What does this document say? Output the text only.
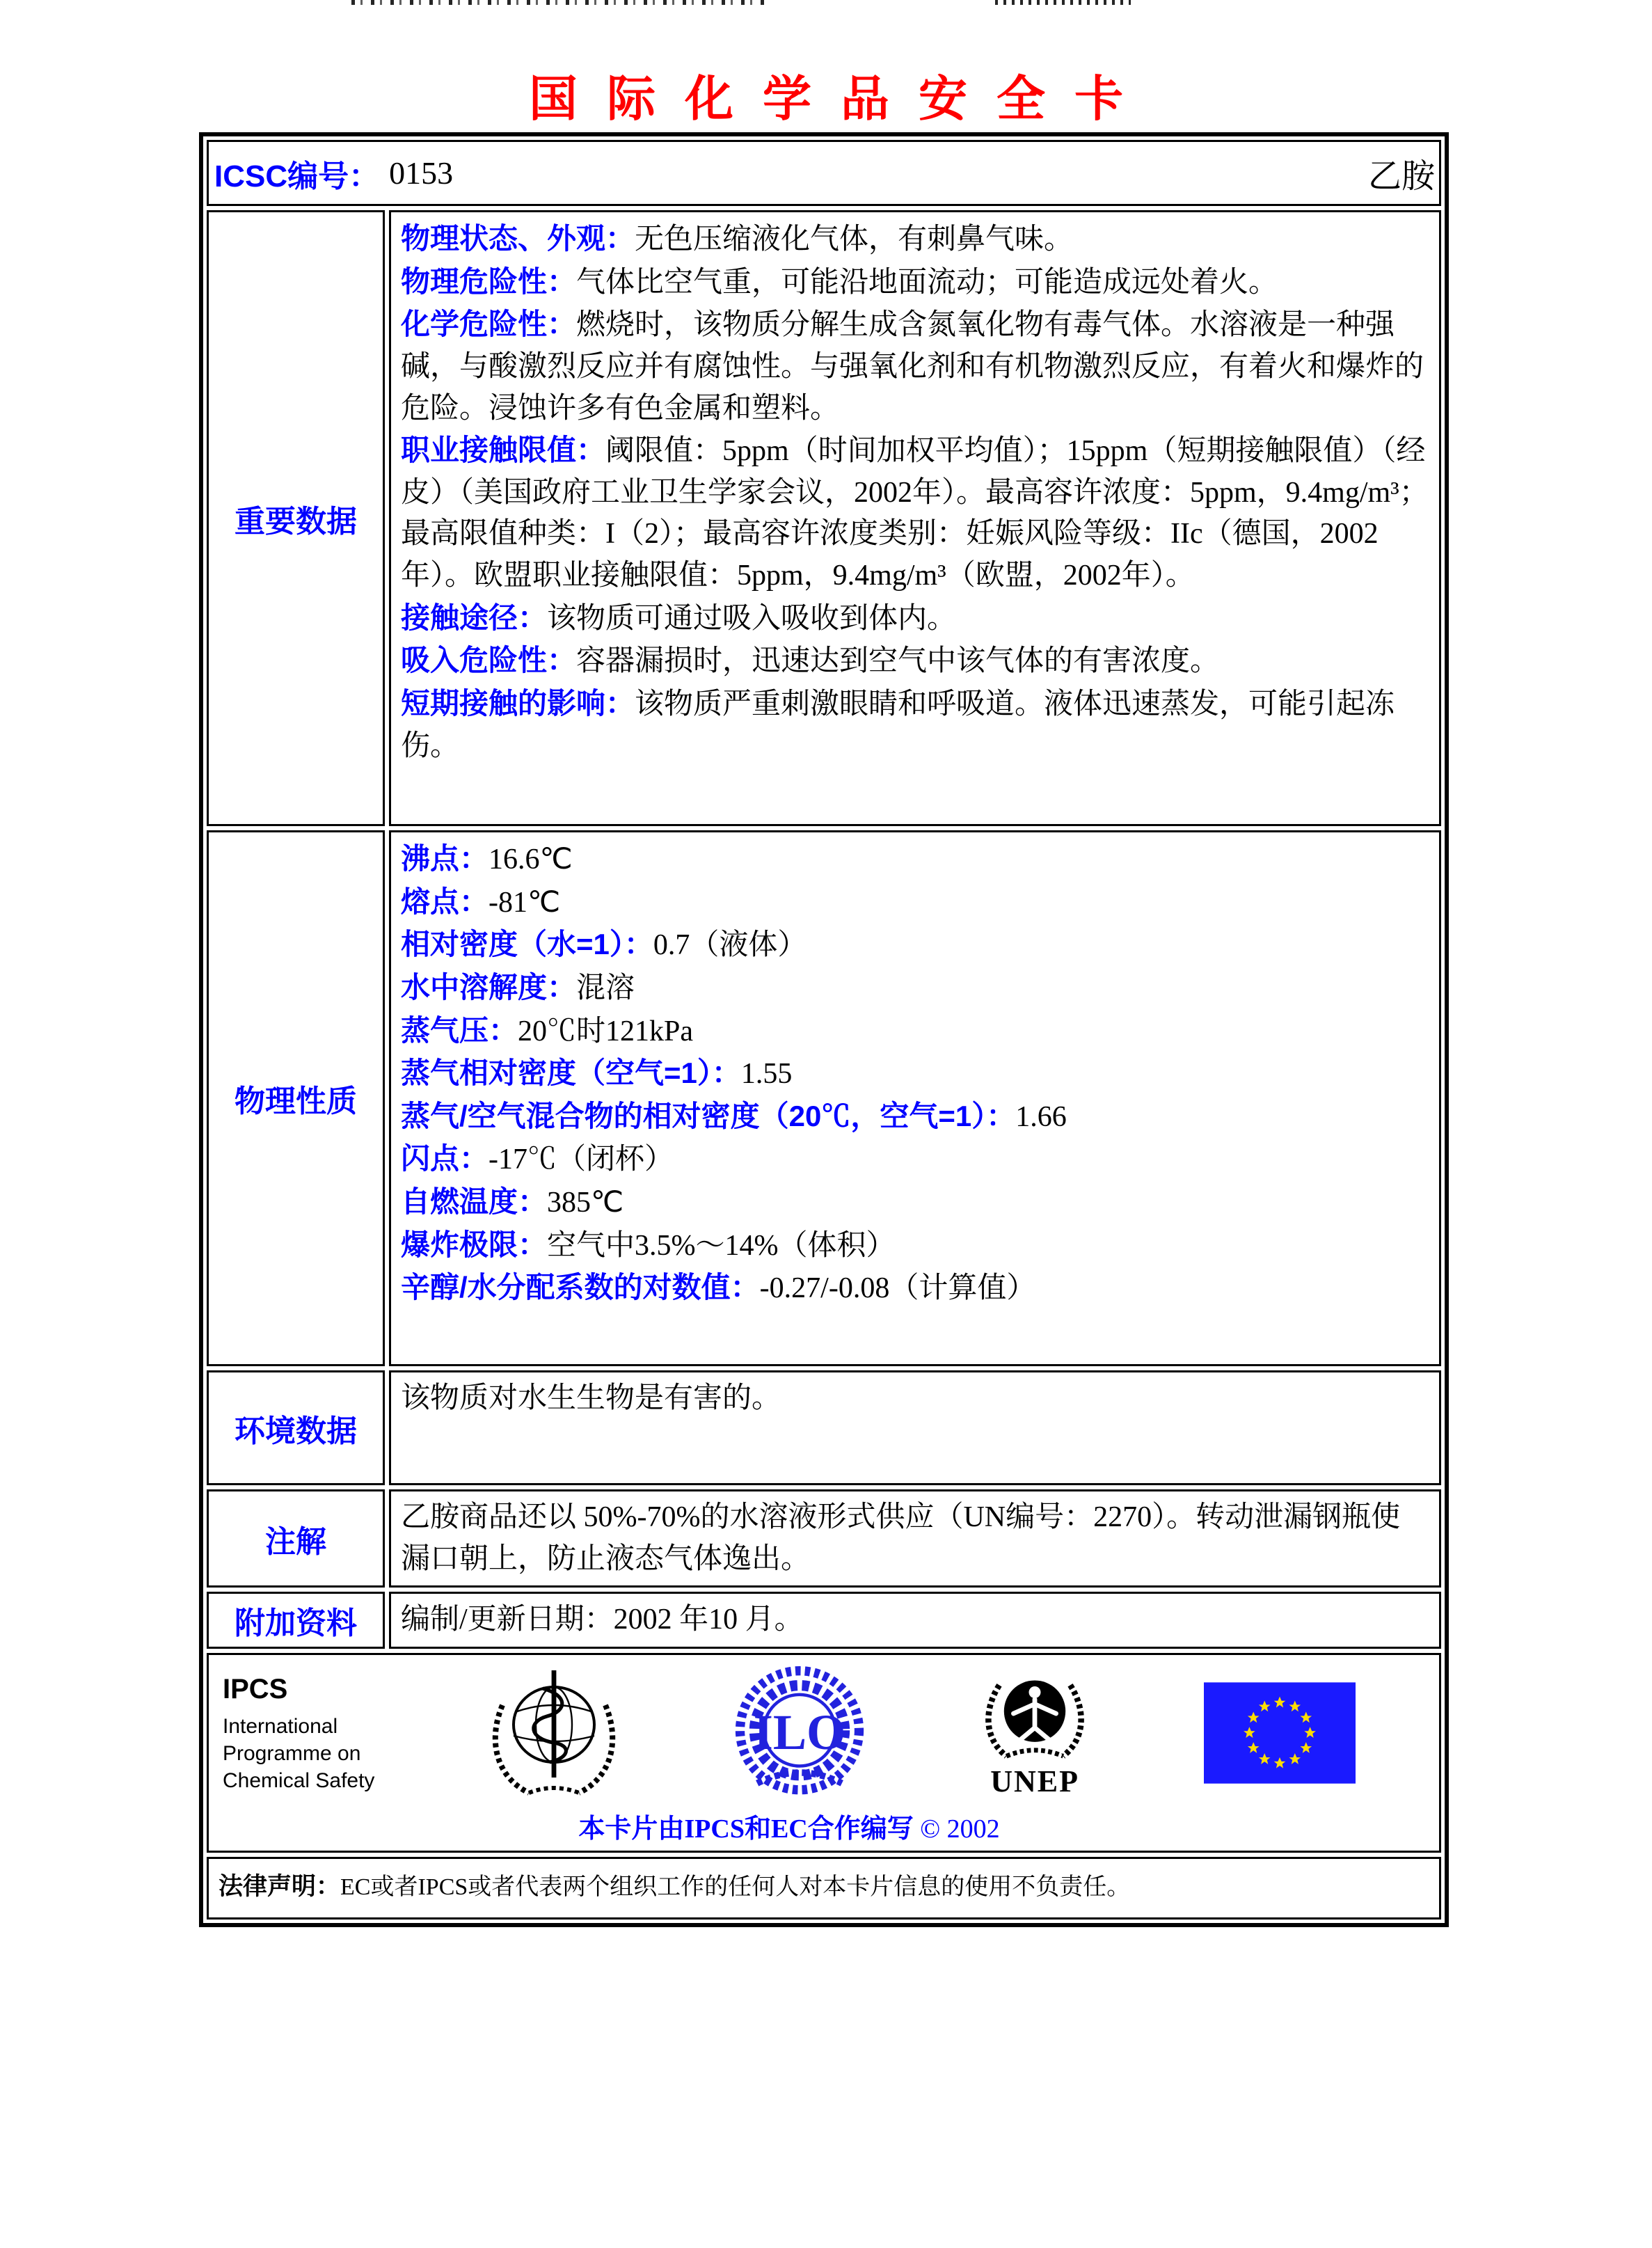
国际化学品安全卡
ICSC编号： 0153	乙胺
重要数据
物理状态、外观：无色压缩液化气体，有刺鼻气味。
物理危险性：气体比空气重，可能沿地面流动；可能造成远处着火。
化学危险性：燃烧时，该物质分解生成含氮氧化物有毒气体。水溶液是一种强碱，与酸激烈反应并有腐蚀性。与强氧化剂和有机物激烈反应，有着火和爆炸的危险。浸蚀许多有色金属和塑料。
职业接触限值：阈限值：5ppm（时间加权平均值）；15ppm（短期接触限值）（经皮）（美国政府工业卫生学家会议，2002年）。最高容许浓度：5ppm，9.4mg/m³；最高限值种类：I（2）；最高容许浓度类别：妊娠风险等级：IIc（德国，2002年）。欧盟职业接触限值：5ppm，9.4mg/m³（欧盟，2002年）。
接触途径：该物质可通过吸入吸收到体内。
吸入危险性：容器漏损时，迅速达到空气中该气体的有害浓度。
短期接触的影响：该物质严重刺激眼睛和呼吸道。液体迅速蒸发，可能引起冻伤。
物理性质
沸点：16.6℃
熔点：-81℃
相对密度（水=1）：0.7（液体）
水中溶解度：混溶
蒸气压：20℃时121kPa
蒸气相对密度（空气=1）：1.55
蒸气/空气混合物的相对密度（20℃，空气=1）：1.66
闪点：-17℃（闭杯）
自燃温度：385℃
爆炸极限：空气中3.5%～14%（体积）
辛醇/水分配系数的对数值：-0.27/-0.08（计算值）
环境数据
该物质对水生生物是有害的。
注解
乙胺商品还以 50%-70%的水溶液形式供应（UN编号：2270）。转动泄漏钢瓶使漏口朝上，防止液态气体逸出。
附加资料	编制/更新日期：2002 年10 月。
IPCS
International
Programme on
Chemical Safety
ILO
UNEP
本卡片由IPCS和EC合作编写 © 2002
法律声明：EC或者IPCS或者代表两个组织工作的任何人对本卡片信息的使用不负责任。
